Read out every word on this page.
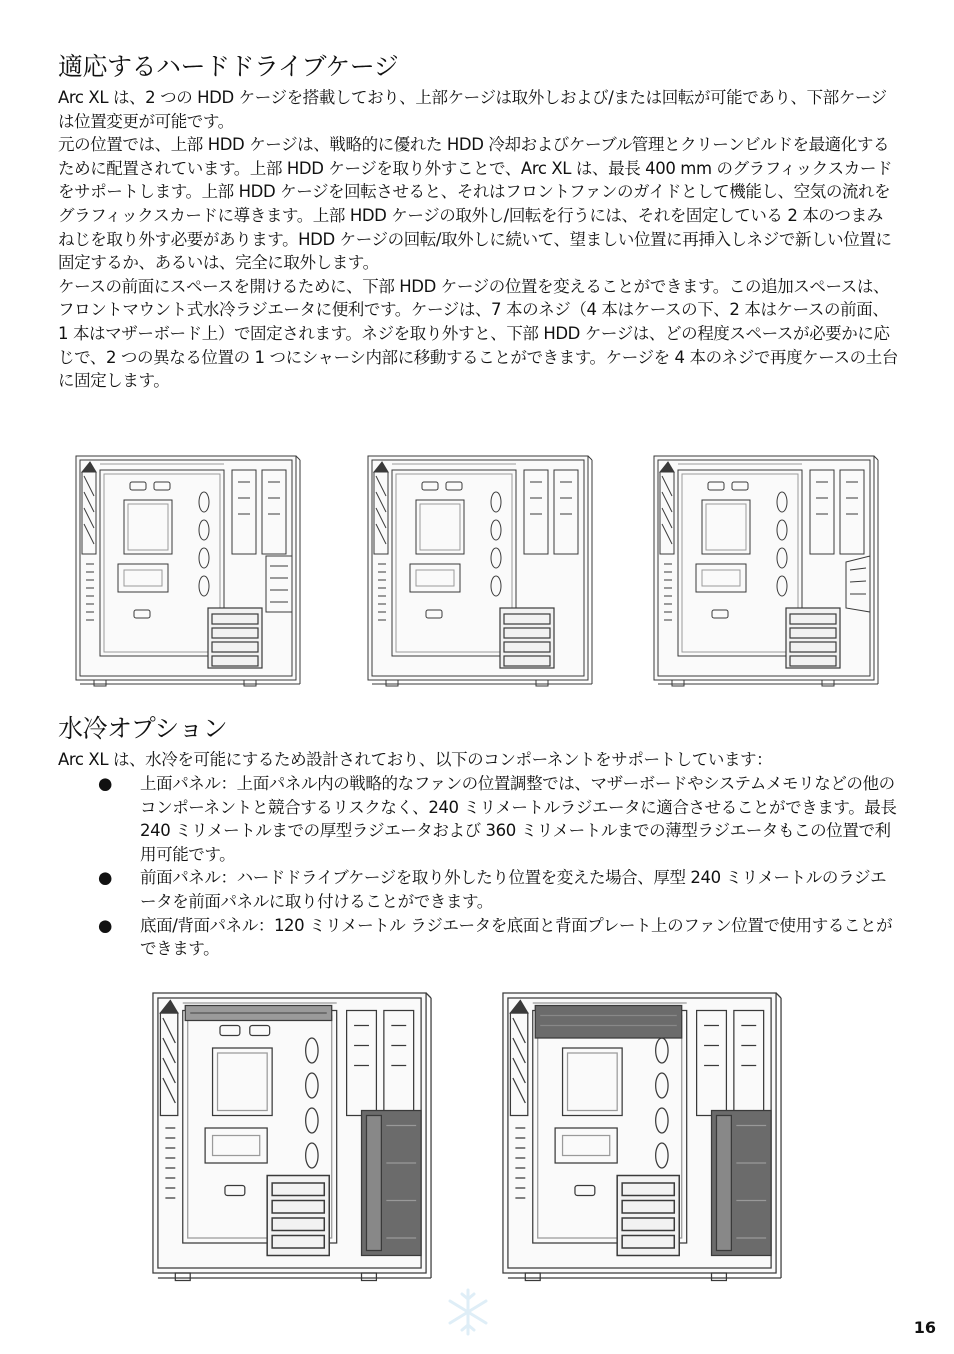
適応するハードドライブケージ

Arc XL は、2 つの HDD ケージを搭載しており、上部ケージは取外しおよび/または回転が可能であり、下部ケージは位置変更が可能です。

元の位置では、上部 HDD ケージは、戦略的に優れた HDD 冷却およびケーブル管理とクリーンビルドを最適化するために配置されています。上部 HDD ケージを取り外すことで、Arc XL は、最長 400 mm のグラフィックスカードをサポートします。上部 HDD ケージを回転させると、それはフロントファンのガイドとして機能し、空気の流れをグラフィックスカードに導きます。上部 HDD ケージの取外し/回転を行うには、それを固定している 2 本のつまみねじを取り外す必要があります。HDD ケージの回転/取外しに続いて、望ましい位置に再挿入しネジで新しい位置に固定するか、あるいは、完全に取外します。

ケースの前面にスペースを開けるために、下部 HDD ケージの位置を変えることができます。この追加スペースは、フロントマウント式水冷ラジエータに便利です。ケージは、7 本のネジ（4 本はケースの下、2 本はケースの前面、1 本はマザーボード上）で固定されます。ネジを取り外すと、下部 HDD ケージは、どの程度スペースが必要かに応じで、2 つの異なる位置の 1 つにシャーシ内部に移動することができます。ケージを 4 本のネジで再度ケースの土台に固定します。

水冷オプション

Arc XL は、水冷を可能にするため設計されており、以下のコンポーネントをサポートしています：

● 上面パネル：上面パネル内の戦略的なファンの位置調整では、マザーボードやシステムメモリなどの他のコンポーネントと競合するリスクなく、240 ミリメートルラジエータに適合させることができます。最長 240 ミリメートルまでの厚型ラジエータおよび 360 ミリメートルまでの薄型ラジエータもこの位置で利用可能です。
● 前面パネル：ハードドライブケージを取り外したり位置を変えた場合、厚型 240 ミリメートルのラジエータを前面パネルに取り付けることができます。
● 底面/背面パネル：120 ミリメートル ラジエータを底面と背面プレート上のファン位置で使用することができます。
16
